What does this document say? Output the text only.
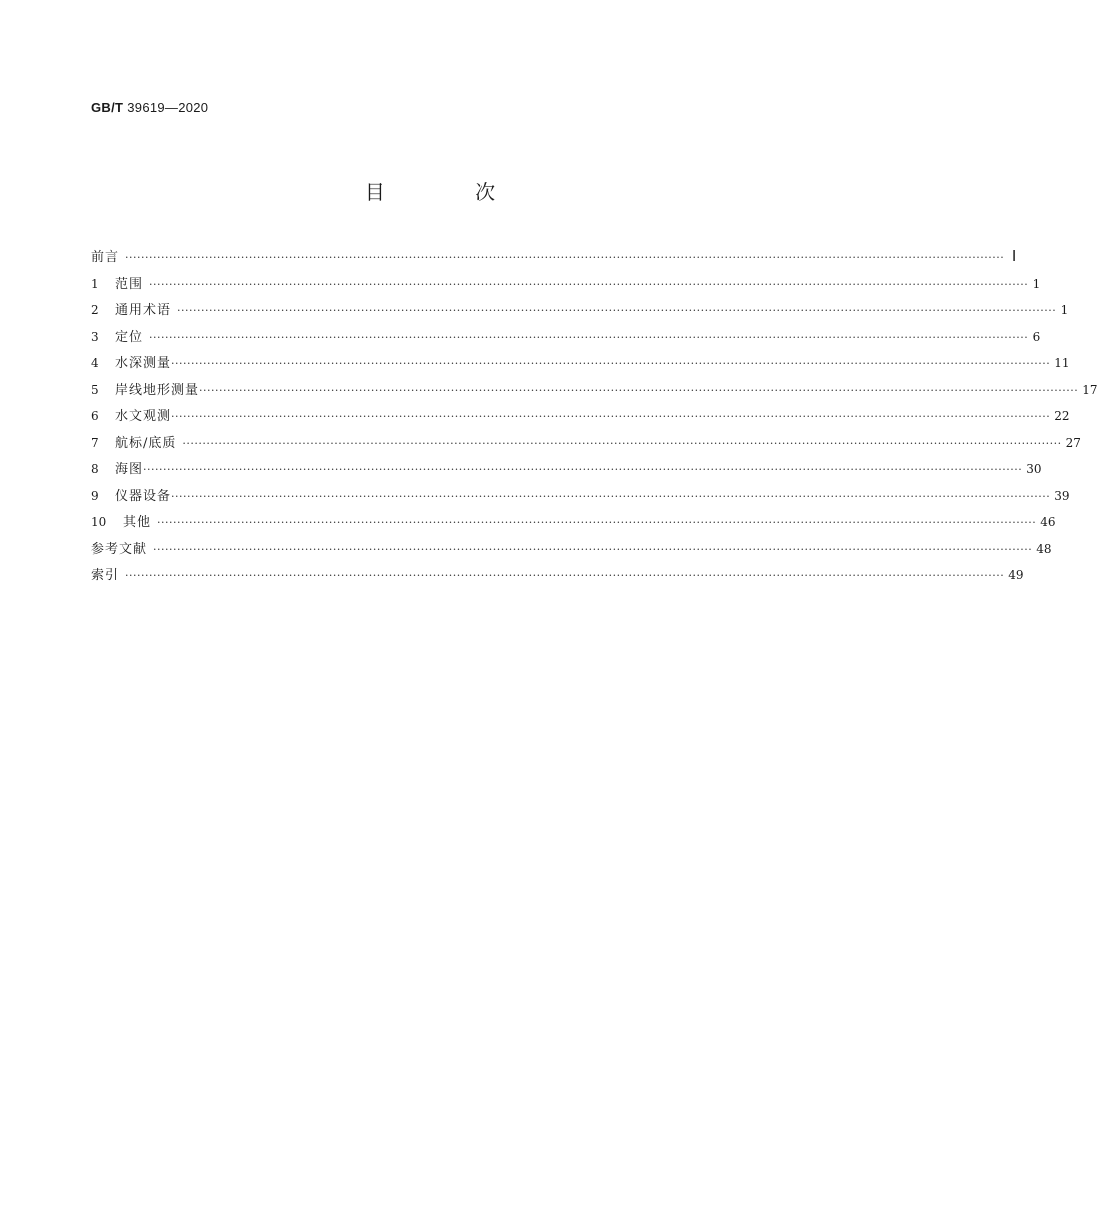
GB/T 39619—2020
目 次
前言 ···························································································································································································································· Ⅰ
1	范围 ···························································································································································································································· 1
2	通用术语 ···························································································································································································································· 1
3	定位 ···························································································································································································································· 6
4	水深测量 ···························································································································································································································· 11
5	岸线地形测量 ···························································································································································································································· 17
6	水文观测 ···························································································································································································································· 22
7	航标/底质 ···························································································································································································································· 27
8	海图 ···························································································································································································································· 30
9	仪器设备 ···························································································································································································································· 39
10	其他 ···························································································································································································································· 46
参考文献 ···························································································································································································································· 48
索引 ···························································································································································································································· 49
